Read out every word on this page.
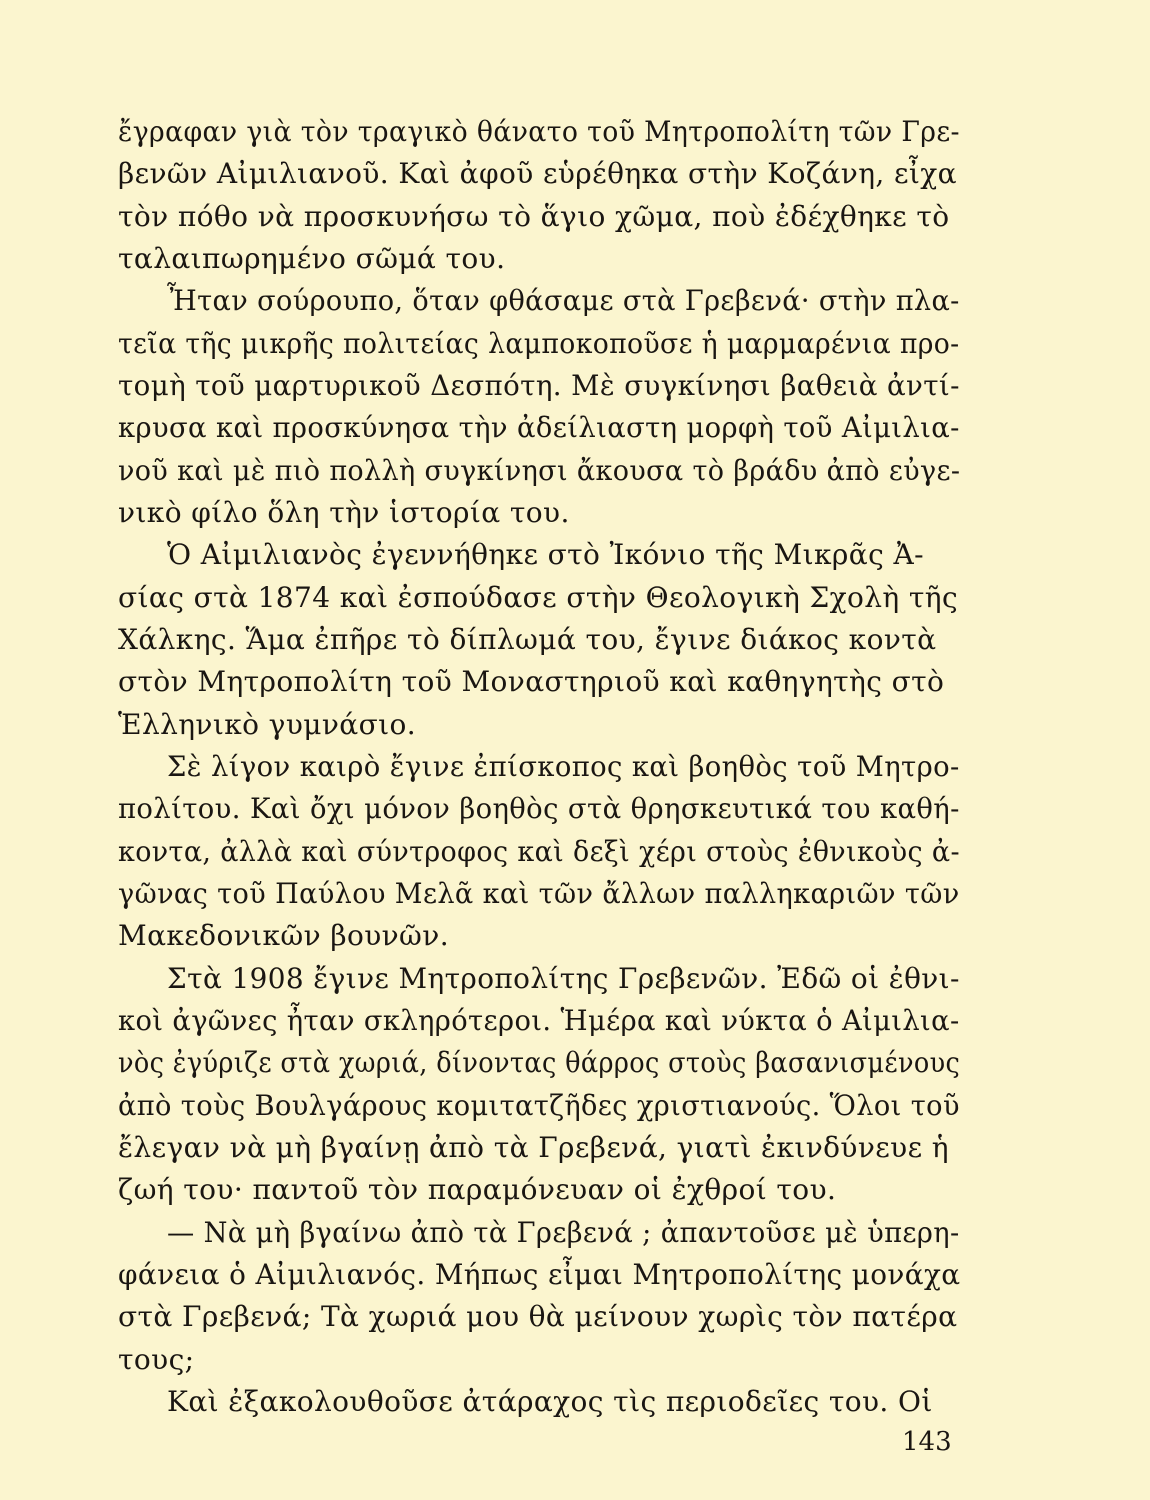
ἔγραφαν γιὰ τὸν τραγικὸ θάνατο τοῦ Μητροπολίτη τῶν Γρε-
βενῶν Αἰμιλιανοῦ. Καὶ ἀφοῦ εὑρέθηκα στὴν Κοζάνη, εἶχα
τὸν πόθο νὰ προσκυνήσω τὸ ἅγιο χῶμα, ποὺ ἐδέχθηκε τὸ
ταλαιπωρημένο σῶμά του.
Ἦταν σούρουπο, ὅταν φθάσαμε στὰ Γρεβενά· στὴν πλα-
τεῖα τῆς μικρῆς πολιτείας λαμποκοποῦσε ἡ μαρμαρένια προ-
τομὴ τοῦ μαρτυρικοῦ Δεσπότη. Μὲ συγκίνησι βαθειὰ ἀντί-
κρυσα καὶ προσκύνησα τὴν ἀδείλιαστη μορφὴ τοῦ Αἰμιλια-
νοῦ καὶ μὲ πιὸ πολλὴ συγκίνησι ἄκουσα τὸ βράδυ ἀπὸ εὐγε-
νικὸ φίλο ὅλη τὴν ἱστορία του.
Ὁ Αἰμιλιανὸς ἐγεννήθηκε στὸ Ἰκόνιο τῆς Μικρᾶς Ἀ-
σίας στὰ 1874 καὶ ἐσπούδασε στὴν Θεολογικὴ Σχολὴ τῆς
Χάλκης. Ἅμα ἐπῆρε τὸ δίπλωμά του, ἔγινε διάκος κοντὰ
στὸν Μητροπολίτη τοῦ Μοναστηριοῦ καὶ καθηγητὴς στὸ
Ἑλληνικὸ γυμνάσιο.
Σὲ λίγον καιρὸ ἔγινε ἐπίσκοπος καὶ βοηθὸς τοῦ Μητρο-
πολίτου. Καὶ ὄχι μόνον βοηθὸς στὰ θρησκευτικά του καθή-
κοντα, ἀλλὰ καὶ σύντροφος καὶ δεξὶ χέρι στοὺς ἐθνικοὺς ἀ-
γῶνας τοῦ Παύλου Μελᾶ καὶ τῶν ἄλλων παλληκαριῶν τῶν
Μακεδονικῶν βουνῶν.
Στὰ 1908 ἔγινε Μητροπολίτης Γρεβενῶν. Ἐδῶ οἱ ἐθνι-
κοὶ ἀγῶνες ἦταν σκληρότεροι. Ἡμέρα καὶ νύκτα ὁ Αἰμιλια-
νὸς ἐγύριζε στὰ χωριά, δίνοντας θάρρος στοὺς βασανισμένους
ἀπὸ τοὺς Βουλγάρους κομιτατζῆδες χριστιανούς. Ὅλοι τοῦ
ἔλεγαν νὰ μὴ βγαίνῃ ἀπὸ τὰ Γρεβενά, γιατὶ ἐκινδύνευε ἡ
ζωή του· παντοῦ τὸν παραμόνευαν οἱ ἐχθροί του.
— Νὰ μὴ βγαίνω ἀπὸ τὰ Γρεβενά ; ἀπαντοῦσε μὲ ὑπερη-
φάνεια ὁ Αἰμιλιανός. Μήπως εἶμαι Μητροπολίτης μονάχα
στὰ Γρεβενά; Τὰ χωριά μου θὰ μείνουν χωρὶς τὸν πατέρα
τους;
Καὶ ἐξακολουθοῦσε ἀτάραχος τὶς περιοδεῖες του. Οἱ
143
